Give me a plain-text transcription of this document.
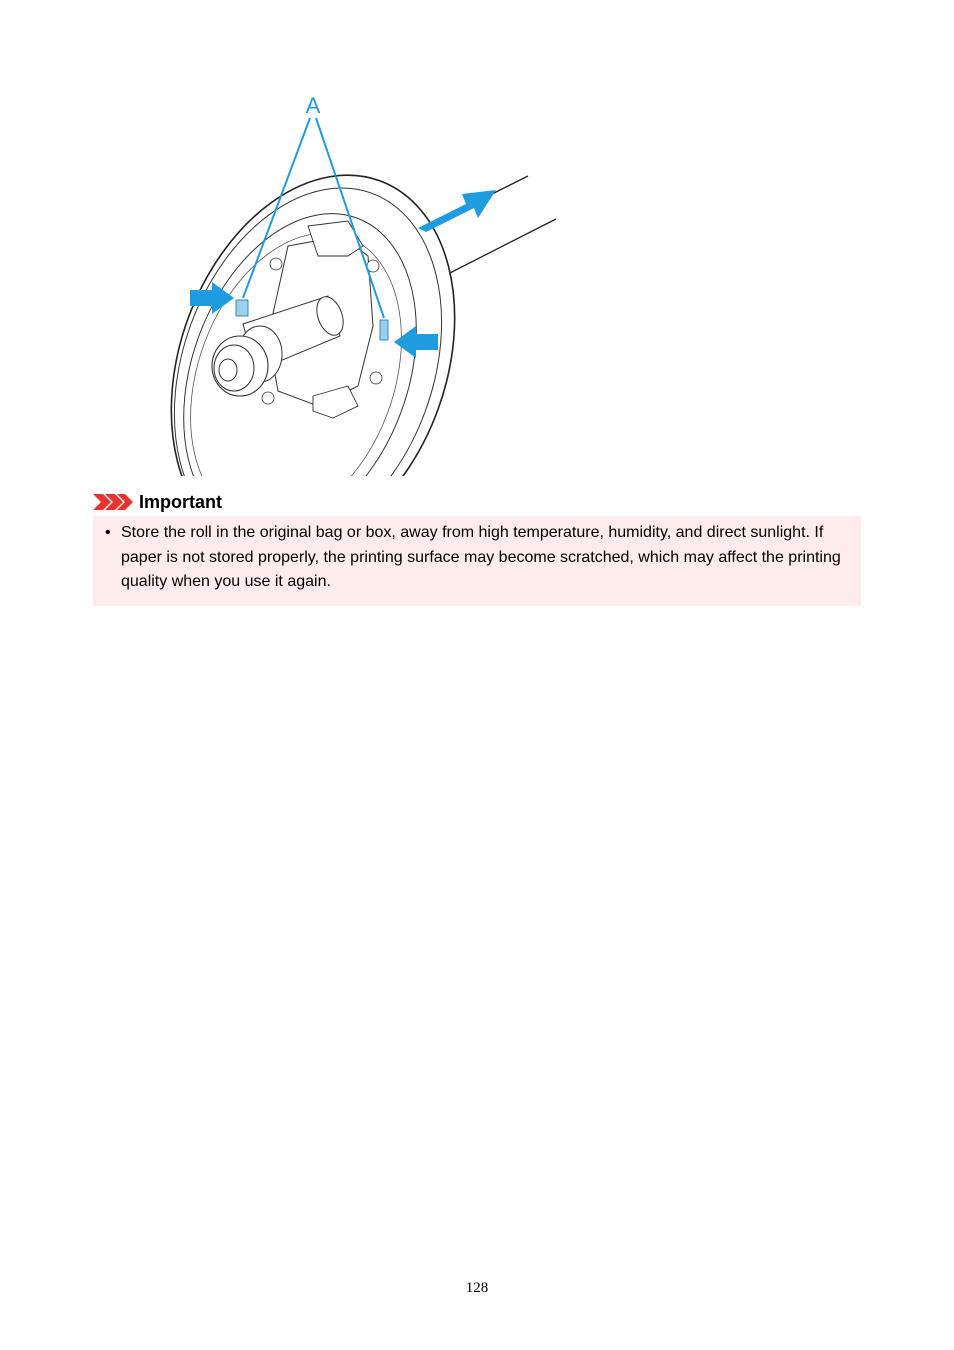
A
Important
• Store the roll in the original bag or box, away from high temperature, humidity, and direct sunlight. If paper is not stored properly, the printing surface may become scratched, which may affect the printing quality when you use it again.
128
